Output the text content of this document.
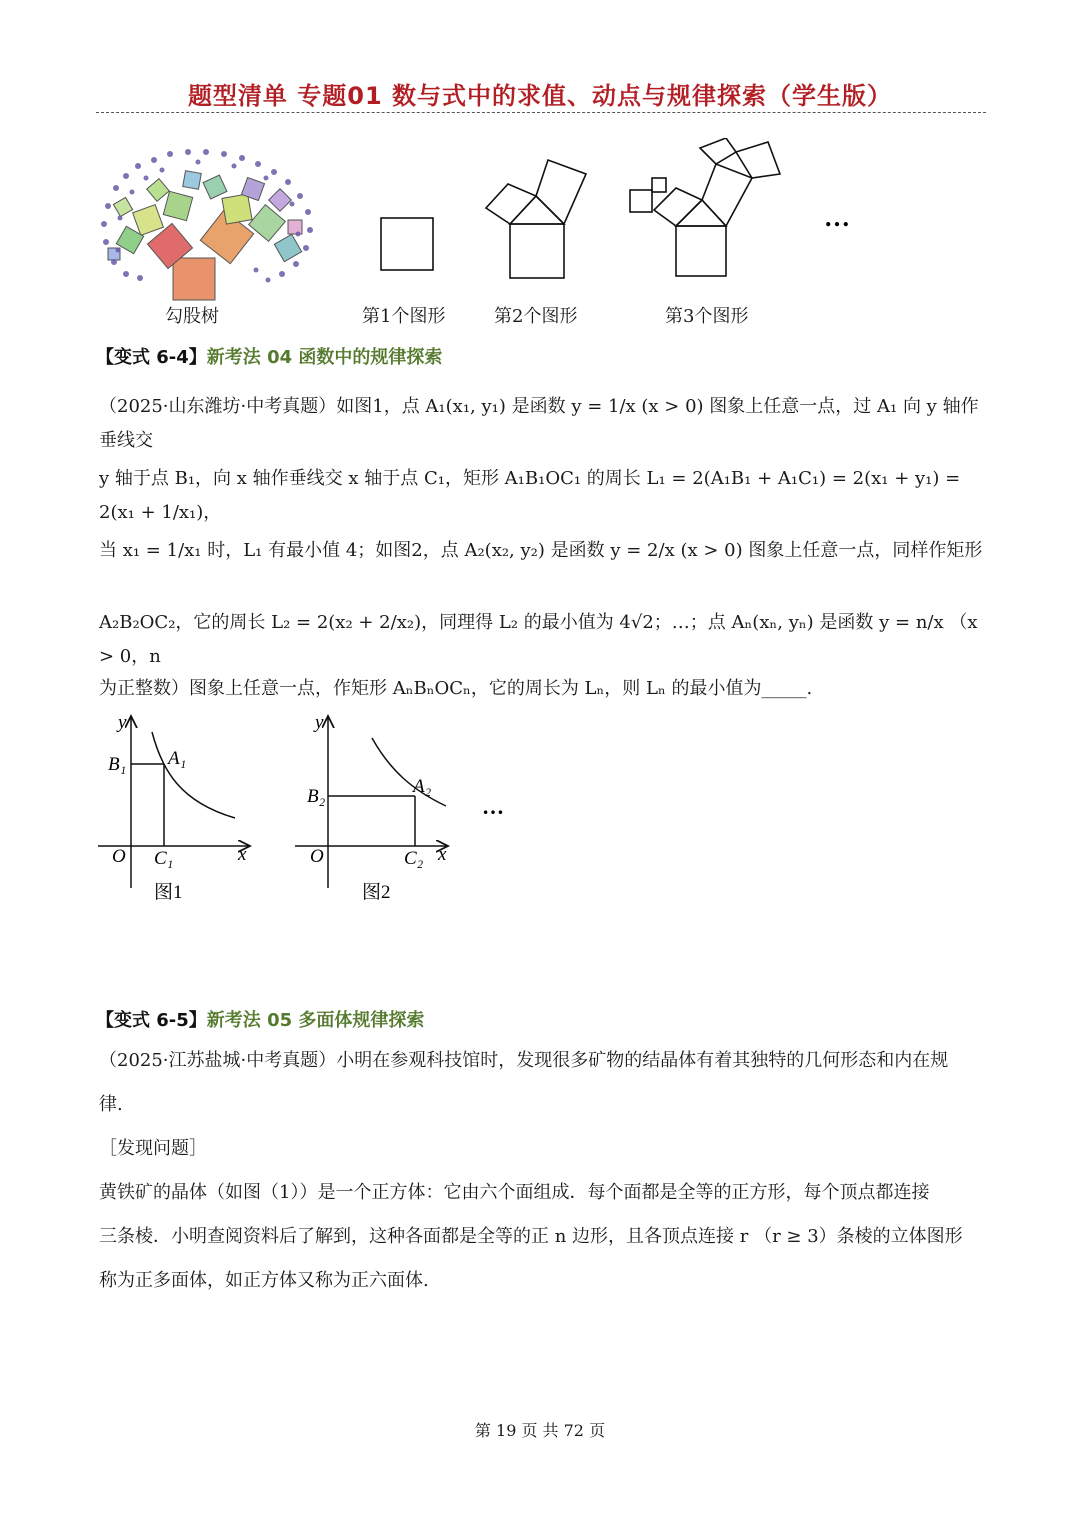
题型清单 专题01 数与式中的求值、动点与规律探索（学生版）
…
勾股树	第1个图形	第2个图形	第3个图形
【变式 6-4】新考法 04 函数中的规律探索
（2025·山东潍坊·中考真题）如图1，点 A₁(x₁, y₁) 是函数 y = 1/x (x > 0) 图象上任意一点，过 A₁ 向 y 轴作垂线交
y 轴于点 B₁，向 x 轴作垂线交 x 轴于点 C₁，矩形 A₁B₁OC₁ 的周长 L₁ = 2(A₁B₁ + A₁C₁) = 2(x₁ + y₁) = 2(x₁ + 1/x₁)，
当 x₁ = 1/x₁ 时，L₁ 有最小值 4；如图2，点 A₂(x₂, y₂) 是函数 y = 2/x (x > 0) 图象上任意一点，同样作矩形
A₂B₂OC₂，它的周长 L₂ = 2(x₂ + 2/x₂)，同理得 L₂ 的最小值为 4√2；…；点 Aₙ(xₙ, yₙ) 是函数 y = n/x （x > 0，n
为正整数）图象上任意一点，作矩形 AₙBₙOCₙ，它的周长为 Lₙ，则 Lₙ 的最小值为_____.
y
x
O
B₁ A₁
C₁
图1
y
x
O
B₂	A₂
C₂
图2
…
【变式 6-5】新考法 05 多面体规律探索
（2025·江苏盐城·中考真题）小明在参观科技馆时，发现很多矿物的结晶体有着其独特的几何形态和内在规
律.
［发现问题］
黄铁矿的晶体（如图（1））是一个正方体：它由六个面组成．每个面都是全等的正方形，每个顶点都连接
三条棱．小明查阅资料后了解到，这种各面都是全等的正 n 边形，且各顶点连接 r （r ≥ 3）条棱的立体图形
称为正多面体，如正方体又称为正六面体.
第 19 页 共 72 页
